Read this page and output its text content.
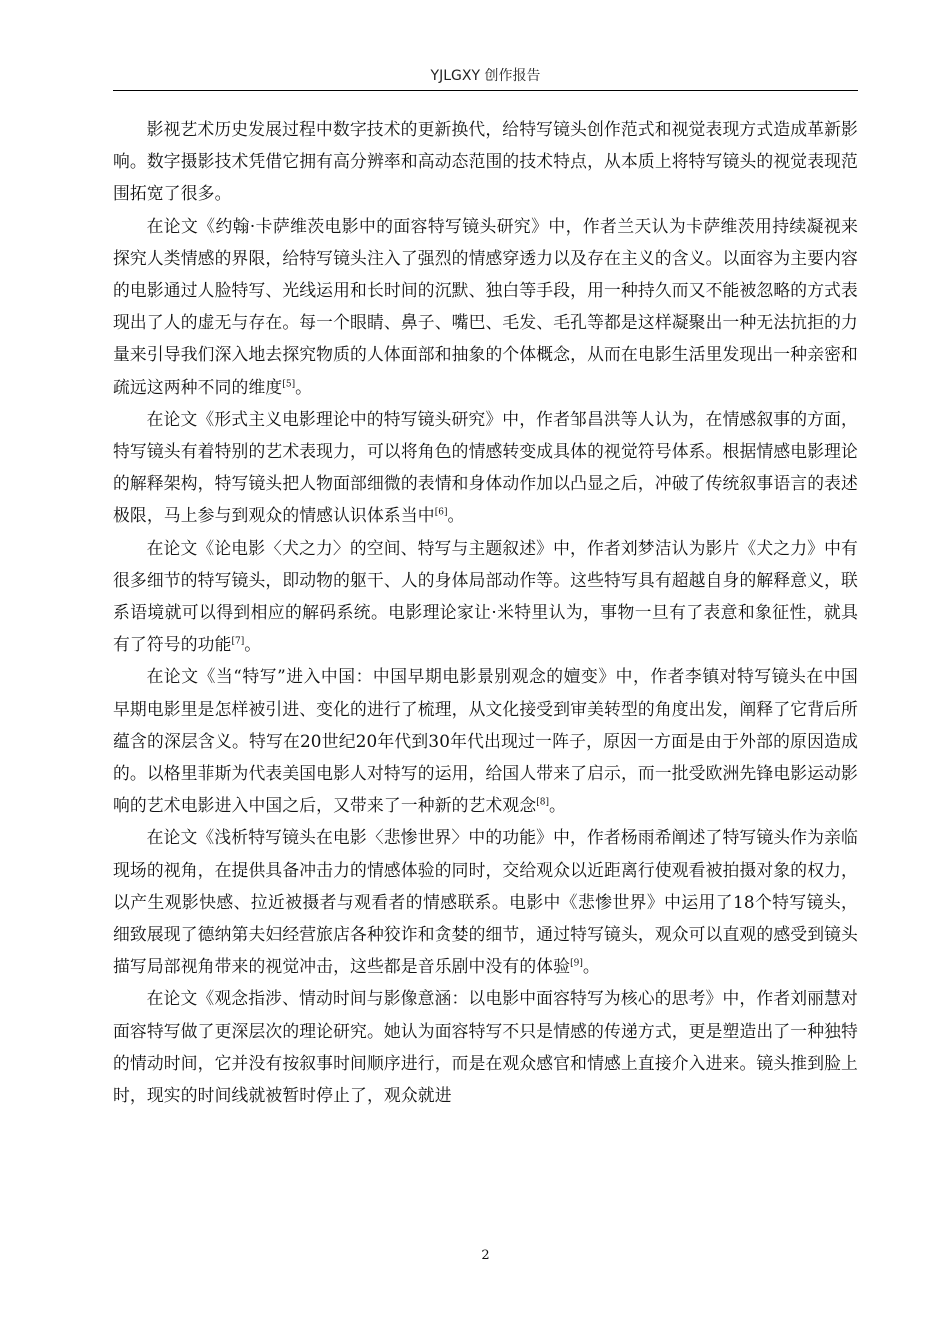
YJLGXY 创作报告

影视艺术历史发展过程中数字技术的更新换代，给特写镜头创作范式和视觉表现方式造成革新影响。数字摄影技术凭借它拥有高分辨率和高动态范围的技术特点，从本质上将特写镜头的视觉表现范围拓宽了很多。

在论文《约翰·卡萨维茨电影中的面容特写镜头研究》中，作者兰天认为卡萨维茨用持续凝视来探究人类情感的界限，给特写镜头注入了强烈的情感穿透力以及存在主义的含义。以面容为主要内容的电影通过人脸特写、光线运用和长时间的沉默、独白等手段，用一种持久而又不能被忽略的方式表现出了人的虚无与存在。每一个眼睛、鼻子、嘴巴、毛发、毛孔等都是这样凝聚出一种无法抗拒的力量来引导我们深入地去探究物质的人体面部和抽象的个体概念，从而在电影生活里发现出一种亲密和疏远这两种不同的维度[5]。

在论文《形式主义电影理论中的特写镜头研究》中，作者邹昌洪等人认为，在情感叙事的方面，特写镜头有着特别的艺术表现力，可以将角色的情感转变成具体的视觉符号体系。根据情感电影理论的解释架构，特写镜头把人物面部细微的表情和身体动作加以凸显之后，冲破了传统叙事语言的表述极限，马上参与到观众的情感认识体系当中[6]。

在论文《论电影〈犬之力〉的空间、特写与主题叙述》中，作者刘梦洁认为影片《犬之力》中有很多细节的特写镜头，即动物的躯干、人的身体局部动作等。这些特写具有超越自身的解释意义，联系语境就可以得到相应的解码系统。电影理论家让·米特里认为，事物一旦有了表意和象征性，就具有了符号的功能[7]。

在论文《当“特写”进入中国：中国早期电影景别观念的嬗变》中，作者李镇对特写镜头在中国早期电影里是怎样被引进、变化的进行了梳理，从文化接受到审美转型的角度出发，阐释了它背后所蕴含的深层含义。特写在20世纪20年代到30年代出现过一阵子，原因一方面是由于外部的原因造成的。以格里菲斯为代表美国电影人对特写的运用，给国人带来了启示，而一批受欧洲先锋电影运动影响的艺术电影进入中国之后，又带来了一种新的艺术观念[8]。

在论文《浅析特写镜头在电影〈悲惨世界〉中的功能》中，作者杨雨希阐述了特写镜头作为亲临现场的视角，在提供具备冲击力的情感体验的同时，交给观众以近距离行使观看被拍摄对象的权力，以产生观影快感、拉近被摄者与观看者的情感联系。电影中《悲惨世界》中运用了18个特写镜头，细致展现了德纳第夫妇经营旅店各种狡诈和贪婪的细节，通过特写镜头，观众可以直观的感受到镜头描写局部视角带来的视觉冲击，这些都是音乐剧中没有的体验[9]。

在论文《观念指涉、情动时间与影像意涵：以电影中面容特写为核心的思考》中，作者刘丽慧对面容特写做了更深层次的理论研究。她认为面容特写不只是情感的传递方式，更是塑造出了一种独特的情动时间，它并没有按叙事时间顺序进行，而是在观众感官和情感上直接介入进来。镜头推到脸上时，现实的时间线就被暂时停止了，观众就进

2
